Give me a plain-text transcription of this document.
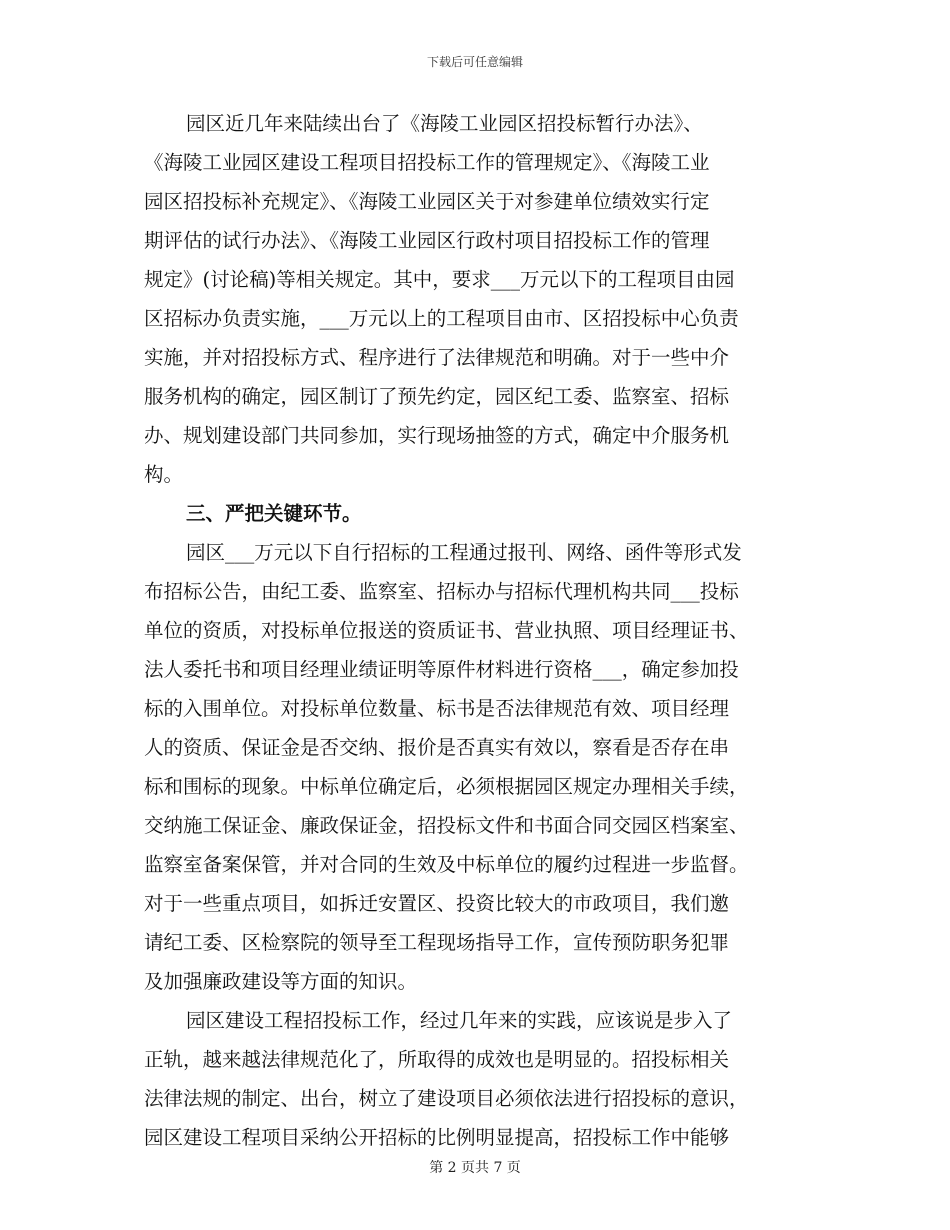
下载后可任意编辑
园区近几年来陆续出台了《海陵工业园区招投标暂行办法》、
《海陵工业园区建设工程项目招投标工作的管理规定》、《海陵工业
园区招投标补充规定》、《海陵工业园区关于对参建单位绩效实行定
期评估的试行办法》、《海陵工业园区行政村项目招投标工作的管理
规定》(讨论稿)等相关规定。其中，要求___万元以下的工程项目由园
区招标办负责实施，___万元以上的工程项目由市、区招投标中心负责
实施，并对招投标方式、程序进行了法律规范和明确。对于一些中介
服务机构的确定，园区制订了预先约定，园区纪工委、监察室、招标
办、规划建设部门共同参加，实行现场抽签的方式，确定中介服务机
构。
三、严把关键环节。
园区___万元以下自行招标的工程通过报刊、网络、函件等形式发
布招标公告，由纪工委、监察室、招标办与招标代理机构共同___投标
单位的资质，对投标单位报送的资质证书、营业执照、项目经理证书、
法人委托书和项目经理业绩证明等原件材料进行资格___，确定参加投
标的入围单位。对投标单位数量、标书是否法律规范有效、项目经理
人的资质、保证金是否交纳、报价是否真实有效以，察看是否存在串
标和围标的现象。中标单位确定后，必须根据园区规定办理相关手续，
交纳施工保证金、廉政保证金，招投标文件和书面合同交园区档案室、
监察室备案保管，并对合同的生效及中标单位的履约过程进一步监督。
对于一些重点项目，如拆迁安置区、投资比较大的市政项目，我们邀
请纪工委、区检察院的领导至工程现场指导工作，宣传预防职务犯罪
及加强廉政建设等方面的知识。
园区建设工程招投标工作，经过几年来的实践，应该说是步入了
正轨，越来越法律规范化了，所取得的成效也是明显的。招投标相关
法律法规的制定、出台，树立了建设项目必须依法进行招投标的意识，
园区建设工程项目采纳公开招标的比例明显提高，招投标工作中能够
第 2 页共 7 页
